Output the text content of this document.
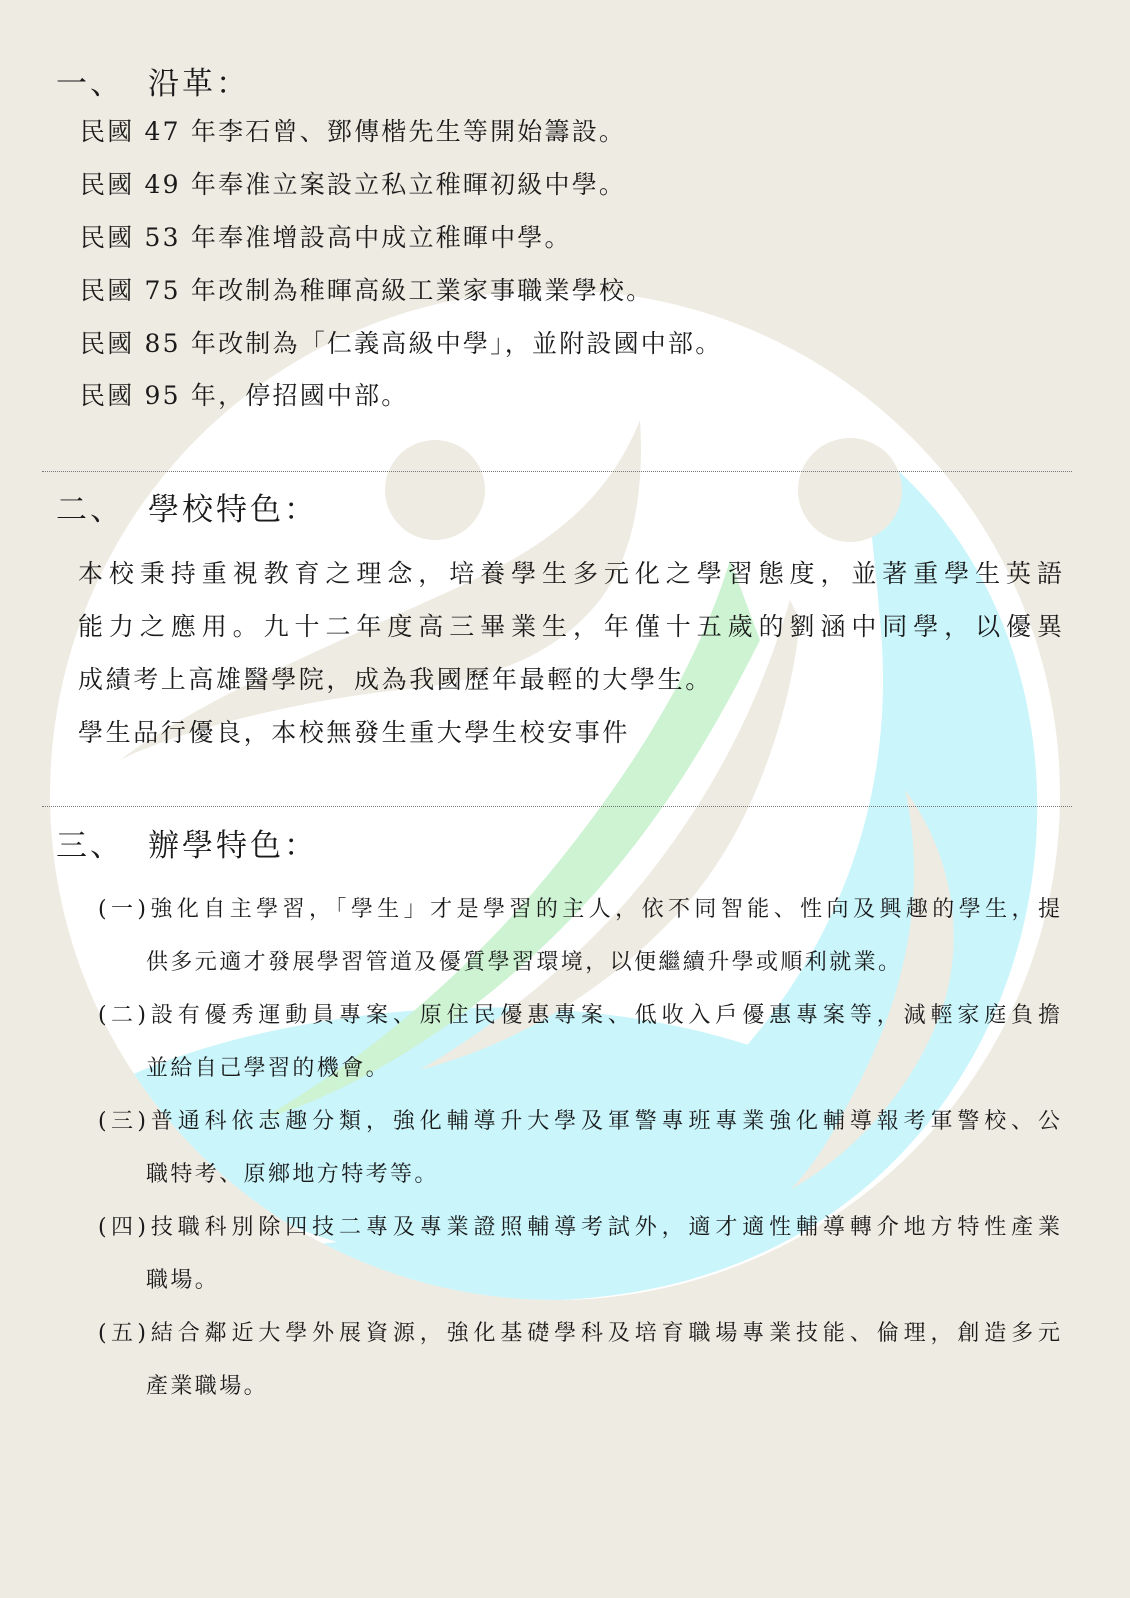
一、 沿革：
民國 47 年李石曾、鄧傳楷先生等開始籌設。
民國 49 年奉准立案設立私立稚暉初級中學。
民國 53 年奉准增設高中成立稚暉中學。
民國 75 年改制為稚暉高級工業家事職業學校。
民國 85 年改制為「仁義高級中學」，並附設國中部。
民國 95 年，停招國中部。
二、 學校特色：
本校秉持重視教育之理念，培養學生多元化之學習態度，並著重學生英語
能力之應用。九十二年度高三畢業生，年僅十五歲的劉涵中同學，以優異
成績考上高雄醫學院，成為我國歷年最輕的大學生。
學生品行優良，本校無發生重大學生校安事件
三、 辦學特色：
(一)強化自主學習，「學生」才是學習的主人，依不同智能、性向及興趣的學生，提
供多元適才發展學習管道及優質學習環境，以便繼續升學或順利就業。
(二)設有優秀運動員專案、原住民優惠專案、低收入戶優惠專案等，減輕家庭負擔
並給自己學習的機會。
(三)普通科依志趣分類，強化輔導升大學及軍警專班專業強化輔導報考軍警校、公
職特考、原鄉地方特考等。
(四)技職科別除四技二專及專業證照輔導考試外，適才適性輔導轉介地方特性產業
職場。
(五)結合鄰近大學外展資源，強化基礎學科及培育職場專業技能、倫理，創造多元
產業職場。
